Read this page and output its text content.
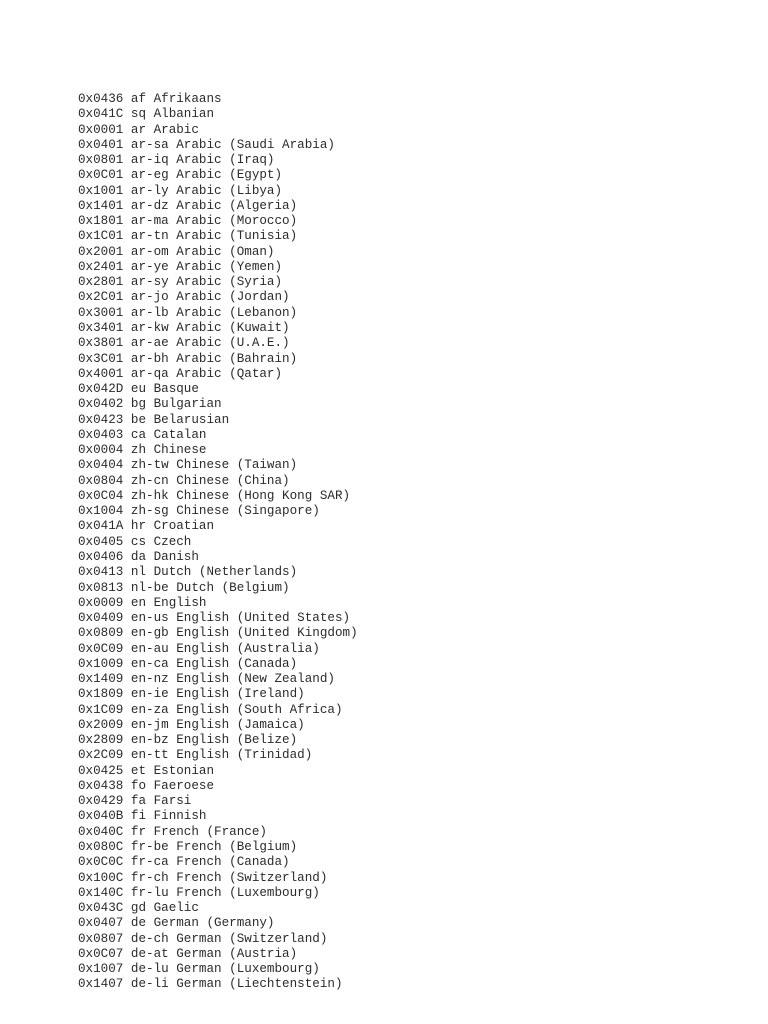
0x0436 af Afrikaans
0x041C sq Albanian
0x0001 ar Arabic
0x0401 ar-sa Arabic (Saudi Arabia)
0x0801 ar-iq Arabic (Iraq)
0x0C01 ar-eg Arabic (Egypt)
0x1001 ar-ly Arabic (Libya)
0x1401 ar-dz Arabic (Algeria)
0x1801 ar-ma Arabic (Morocco)
0x1C01 ar-tn Arabic (Tunisia)
0x2001 ar-om Arabic (Oman)
0x2401 ar-ye Arabic (Yemen)
0x2801 ar-sy Arabic (Syria)
0x2C01 ar-jo Arabic (Jordan)
0x3001 ar-lb Arabic (Lebanon)
0x3401 ar-kw Arabic (Kuwait)
0x3801 ar-ae Arabic (U.A.E.)
0x3C01 ar-bh Arabic (Bahrain)
0x4001 ar-qa Arabic (Qatar)
0x042D eu Basque
0x0402 bg Bulgarian
0x0423 be Belarusian
0x0403 ca Catalan
0x0004 zh Chinese
0x0404 zh-tw Chinese (Taiwan)
0x0804 zh-cn Chinese (China)
0x0C04 zh-hk Chinese (Hong Kong SAR)
0x1004 zh-sg Chinese (Singapore)
0x041A hr Croatian
0x0405 cs Czech
0x0406 da Danish
0x0413 nl Dutch (Netherlands)
0x0813 nl-be Dutch (Belgium)
0x0009 en English
0x0409 en-us English (United States)
0x0809 en-gb English (United Kingdom)
0x0C09 en-au English (Australia)
0x1009 en-ca English (Canada)
0x1409 en-nz English (New Zealand)
0x1809 en-ie English (Ireland)
0x1C09 en-za English (South Africa)
0x2009 en-jm English (Jamaica)
0x2809 en-bz English (Belize)
0x2C09 en-tt English (Trinidad)
0x0425 et Estonian
0x0438 fo Faeroese
0x0429 fa Farsi
0x040B fi Finnish
0x040C fr French (France)
0x080C fr-be French (Belgium)
0x0C0C fr-ca French (Canada)
0x100C fr-ch French (Switzerland)
0x140C fr-lu French (Luxembourg)
0x043C gd Gaelic
0x0407 de German (Germany)
0x0807 de-ch German (Switzerland)
0x0C07 de-at German (Austria)
0x1007 de-lu German (Luxembourg)
0x1407 de-li German (Liechtenstein)
